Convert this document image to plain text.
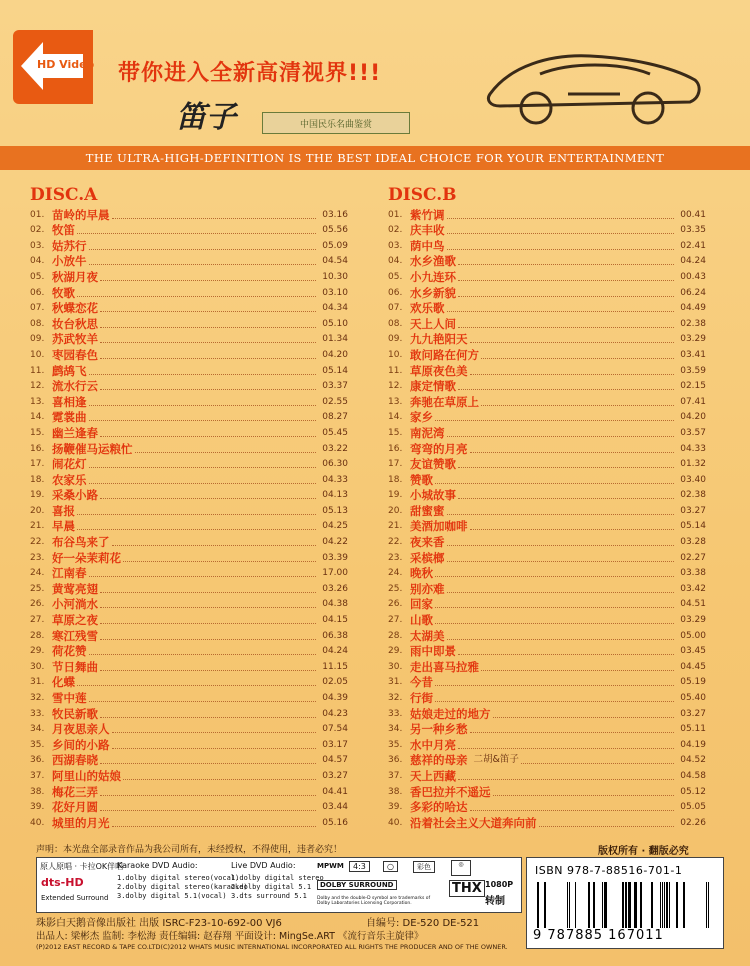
HD Video 带你进入全新高清视界!!!
笛子	中国民乐名曲鉴赏
THE ULTRA-HIGH-DEFINITION IS THE BEST IDEAL CHOICE FOR YOUR ENTERTAINMENT
DISC.A
01. 苗岭的早晨	03.16
02. 牧笛	05.56
03. 姑苏行	05.09
04. 小放牛	04.54
05. 秋湖月夜	10.30
06. 牧歌	03.10
07. 秋蝶恋花	04.34
08. 妆台秋思	05.10
09. 苏武牧羊	01.34
10. 枣园春色	04.20
11. 鹧鸪飞	05.14
12. 流水行云	03.37
13. 喜相逢	02.55
14. 霓裳曲	08.27
15. 幽兰逢春	05.45
16. 扬鞭催马运粮忙	03.22
17. 闹花灯	06.30
18. 农家乐	04.33
19. 采桑小路	04.13
20. 喜报	05.13
21. 早晨	04.25
22. 布谷鸟来了	04.22
23. 好一朵茉莉花	03.39
24. 江南春	17.00
25. 黄莺亮翅	03.26
26. 小河淌水	04.38
27. 草原之夜	04.15
28. 寒江残雪	06.38
29. 荷花赞	04.24
30. 节日舞曲	11.15
31. 化蝶	02.05
32. 雪中莲	04.39
33. 牧民新歌	04.23
34. 月夜思亲人	07.54
35. 乡间的小路	03.17
36. 西湖春晓	04.57
37. 阿里山的姑娘	03.27
38. 梅花三弄	04.41
39. 花好月圆	03.44
40. 城里的月光	05.16
DISC.B
01. 紫竹调	00.41
02. 庆丰收	03.35
03. 荫中鸟	02.41
04. 水乡渔歌	04.24
05. 小九连环	00.43
06. 水乡新貌	06.24
07. 欢乐歌	04.49
08. 天上人间	02.38
09. 九九艳阳天	03.29
10. 敢问路在何方	03.41
11. 草原夜色美	03.59
12. 康定情歌	02.15
13. 奔驰在草原上	07.41
14. 家乡	04.20
15. 南泥湾	03.57
16. 弯弯的月亮	04.33
17. 友谊赞歌	01.32
18. 赞歌	03.40
19. 小城故事	02.38
20. 甜蜜蜜	03.27
21. 美酒加咖啡	05.14
22. 夜来香	03.28
23. 采槟榔	02.27
24. 晚秋	03.38
25. 别亦难	03.42
26. 回家	04.51
27. 山歌	03.29
28. 太湖美	05.00
29. 雨中即景	03.45
30. 走出喜马拉雅	04.45
31. 今昔	05.19
32. 行街	05.40
33. 姑娘走过的地方	03.27
34. 另一种乡愁	05.11
35. 水中月亮	04.19
36. 慈祥的母亲 二胡&笛子	04.52
37. 天上西藏	04.58
38. 香巴拉并不遥远	05.12
39. 多彩的哈达	05.05
40. 沿着社会主义大道奔向前	02.26
声明：本光盘全部录音作品为我公司所有，未经授权，不得使用，违者必究！	版权所有 · 翻版必究
原人原唱 · 卡拉OK伴唱
dts-HD
Extended Surround
Karaoke DVD Audio:
1.dolby digital stereo(vocal)
2.dolby digital stereo(karaoke)
3.dolby digital 5.1(vocal)
Live DVD Audio:
1.dolby digital stereo
2.dolby digital 5.1
3.dts surround 5.1
MPWM	4:3	○	彩色	◎
DOLBY SURROUND
Dolby and the double-D symbol are trademarks of Dolby Laboratories Licensing Corporation.
THX 1080P
转制
ISBN 978-7-88516-701-1
9 787885 167011
珠影白天鹅音像出版社 出版 ISRC-F23-10-692-00 VJ6	自编号: DE-520 DE-521
出品人: 梁彬杰 监制: 李松海 责任编辑: 赵春翔 平面设计: MingSe.ART 《流行音乐主旋律》
(P)2012 EAST RECORD & TAPE CO.LTD(C)2012 WHATS MUSIC INTERNATIONAL INCORPORATED ALL RIGHTS THE PRODUCER AND OF THE OWNER.
